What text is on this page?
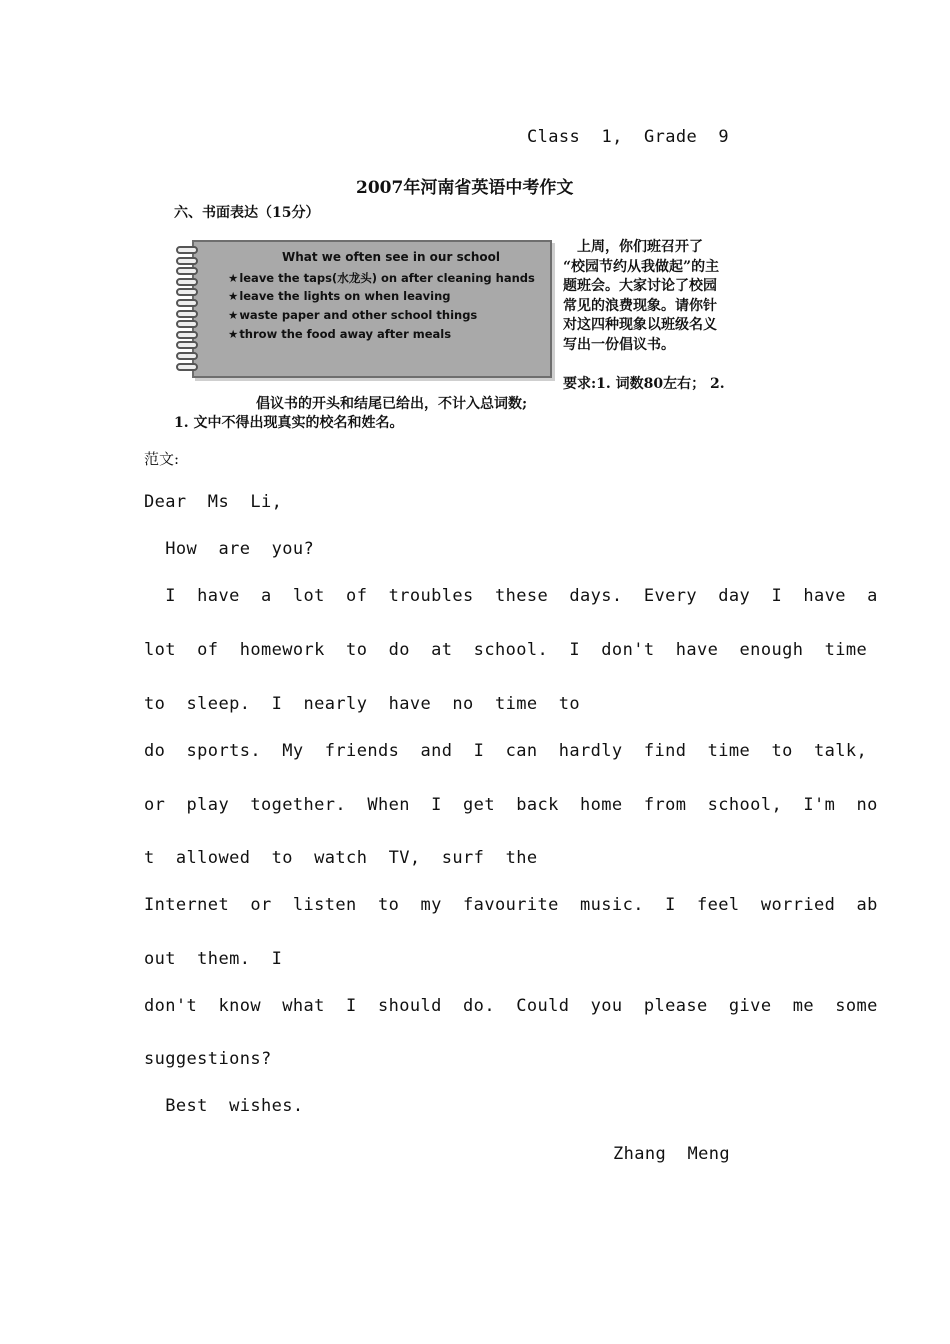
Class  1,  Grade  9
2007年河南省英语中考作文
六、书面表达（15分）
What we often see in our school
★leave the taps(水龙头) on after cleaning hands
★leave the lights on when leaving
★waste paper and other school things
★throw the food away after meals
　上周，你们班召开了
“校园节约从我做起”的主
题班会。大家讨论了校园
常见的浪费现象。请你针
对这四种现象以班级名义
写出一份倡议书。
要求:1. 词数80左右； 2.
倡议书的开头和结尾已给出，不计入总词数;
1. 文中不得出现真实的校名和姓名。
范文:
Dear  Ms  Li,
How  are  you?
I  have  a  lot  of  troubles  these  days.  Every  day  I  have  a
lot  of  homework  to  do  at  school.  I  don't  have  enough  time
to  sleep.  I  nearly  have  no  time  to
do  sports.  My  friends  and  I  can  hardly  find  time  to  talk,
or  play  together.  When  I  get  back  home  from  school,  I'm  no
t  allowed  to  watch  TV,  surf  the
Internet  or  listen  to  my  favourite  music.  I  feel  worried  ab
out  them.  I
don't  know  what  I  should  do.  Could  you  please  give  me  some
suggestions?
Best  wishes.
Zhang  Meng
